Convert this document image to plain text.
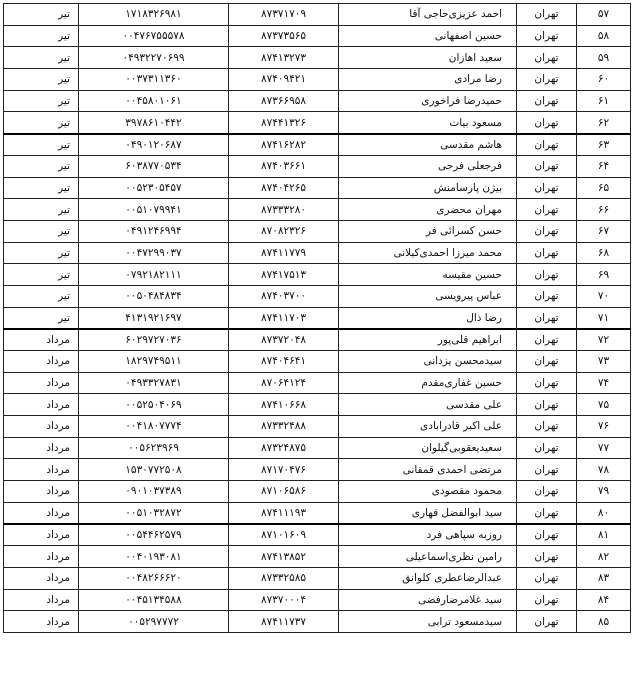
۵۷	تهران	احمد عزیزی‌حاجی آقا	۸۷۳۷۱۷۰۹	۱۷۱۸۳۲۶۹۸۱	تیر
۵۸	تهران	حسین اصفهانی	۸۷۳۷۳۵۶۵	۰۰۴۷۶۷۵۵۵۷۸	تیر
۵۹	تهران	سعید اهازان	۸۷۴۱۳۲۷۳	۰۴۹۳۲۲۷۰۶۹۹	تیر
۶۰	تهران	رضا مرادی	۸۷۴۰۹۴۲۱	۰۰۳۷۳۱۱۳۶۰	تیر
۶۱	تهران	حمیدرضا فراخوری	۸۷۳۶۶۹۵۸	۰۰۴۵۸۰۱۰۶۱	تیر
۶۲	تهران	مسعود بیات	۸۷۴۴۱۳۲۶	۳۹۷۸۶۱۰۴۴۲	تیر
۶۳	تهران	هاشم مقدسی	۸۷۴۱۶۲۸۲	۰۴۹۰۱۲۰۶۸۷	تیر
۶۴	تهران	فرجعلی فرجی	۸۷۴۰۳۶۶۱	۶۰۳۸۷۷۰۵۳۴	تیر
۶۵	تهران	بیژن پارسامنش	۸۷۴۰۴۲۶۵	۰۰۵۲۳۰۵۴۵۷	تیر
۶۶	تهران	مهران محضری	۸۷۳۳۳۲۸۰	۰۰۵۱۰۷۹۹۴۱	تیر
۶۷	تهران	حسن کسرائی فر	۸۷۰۸۲۳۲۶	۰۴۹۱۲۴۶۹۹۴	تیر
۶۸	تهران	محمد میرزا احمدی‌کیلانی	۸۷۴۱۱۷۷۹	۰۰۴۷۲۹۹۰۳۷	تیر
۶۹	تهران	حسین مقیسه	۸۷۴۱۷۵۱۳	۰۷۹۲۱۸۲۱۱۱	تیر
۷۰	تهران	عباس پیرویسی	۸۷۴۰۳۷۰۰	۰۰۵۰۴۸۴۸۳۴	تیر
۷۱	تهران	رضا ذال	۸۷۴۱۱۷۰۳	۴۱۳۱۹۲۱۶۹۷	تیر
۷۲	تهران	ابراهیم قلی‌پور	۸۷۳۷۲۰۴۸	۶۰۲۹۷۲۷۰۳۶	مرداد
۷۳	تهران	سیدمحسن یزدانی	۸۷۴۰۴۶۴۱	۱۸۲۹۷۴۹۵۱۱	مرداد
۷۴	تهران	حسین غفاری‌مقدم	۸۷۰۶۴۱۲۴	۰۴۹۳۳۲۷۸۳۱	مرداد
۷۵	تهران	علی مقدسی	۸۷۴۱۰۶۶۸	۰۰۵۲۵۰۴۰۶۹	مرداد
۷۶	تهران	علی اکبر قادرابادی	۸۷۳۳۲۴۸۸	۰۰۴۱۸۰۷۷۷۴	مرداد
۷۷	تهران	سعیدیعقوبی‌گیلوان	۸۷۳۲۴۸۷۵	۰۰۵۶۲۳۹۶۹	مرداد
۷۸	تهران	مرتضی احمدی قمقانی	۸۷۱۷۰۴۷۶	۱۵۳۰۷۷۲۵۰۸	مرداد
۷۹	تهران	محمود مقصودی	۸۷۱۰۶۵۸۶	۰۹۰۱۰۳۷۳۸۹	مرداد
۸۰	تهران	سید ابوالفضل قهاری	۸۷۴۱۱۱۹۳	۰۰۵۱۰۳۲۸۷۲	مرداد
۸۱	تهران	روزبه سپاهی فرد	۸۷۱۰۱۶۰۹	۰۰۵۴۴۶۲۵۷۹	مرداد
۸۲	تهران	رامین نظری‌اسماعیلی	۸۷۴۱۳۸۵۲	۰۰۴۰۱۹۳۰۸۱	مرداد
۸۳	تهران	عبدالرضاعطری کلوانق	۸۷۳۳۲۵۸۵	۰۰۴۸۲۶۶۶۲۰	مرداد
۸۴	تهران	سید غلامرضارفضی	۸۷۳۷۰۰۰۴	۰۰۴۵۱۳۴۵۸۸	مرداد
۸۵	تهران	سیدمسعود ترابی	۸۷۴۱۱۷۳۷	۰۰۵۲۹۷۷۷۲	مرداد
